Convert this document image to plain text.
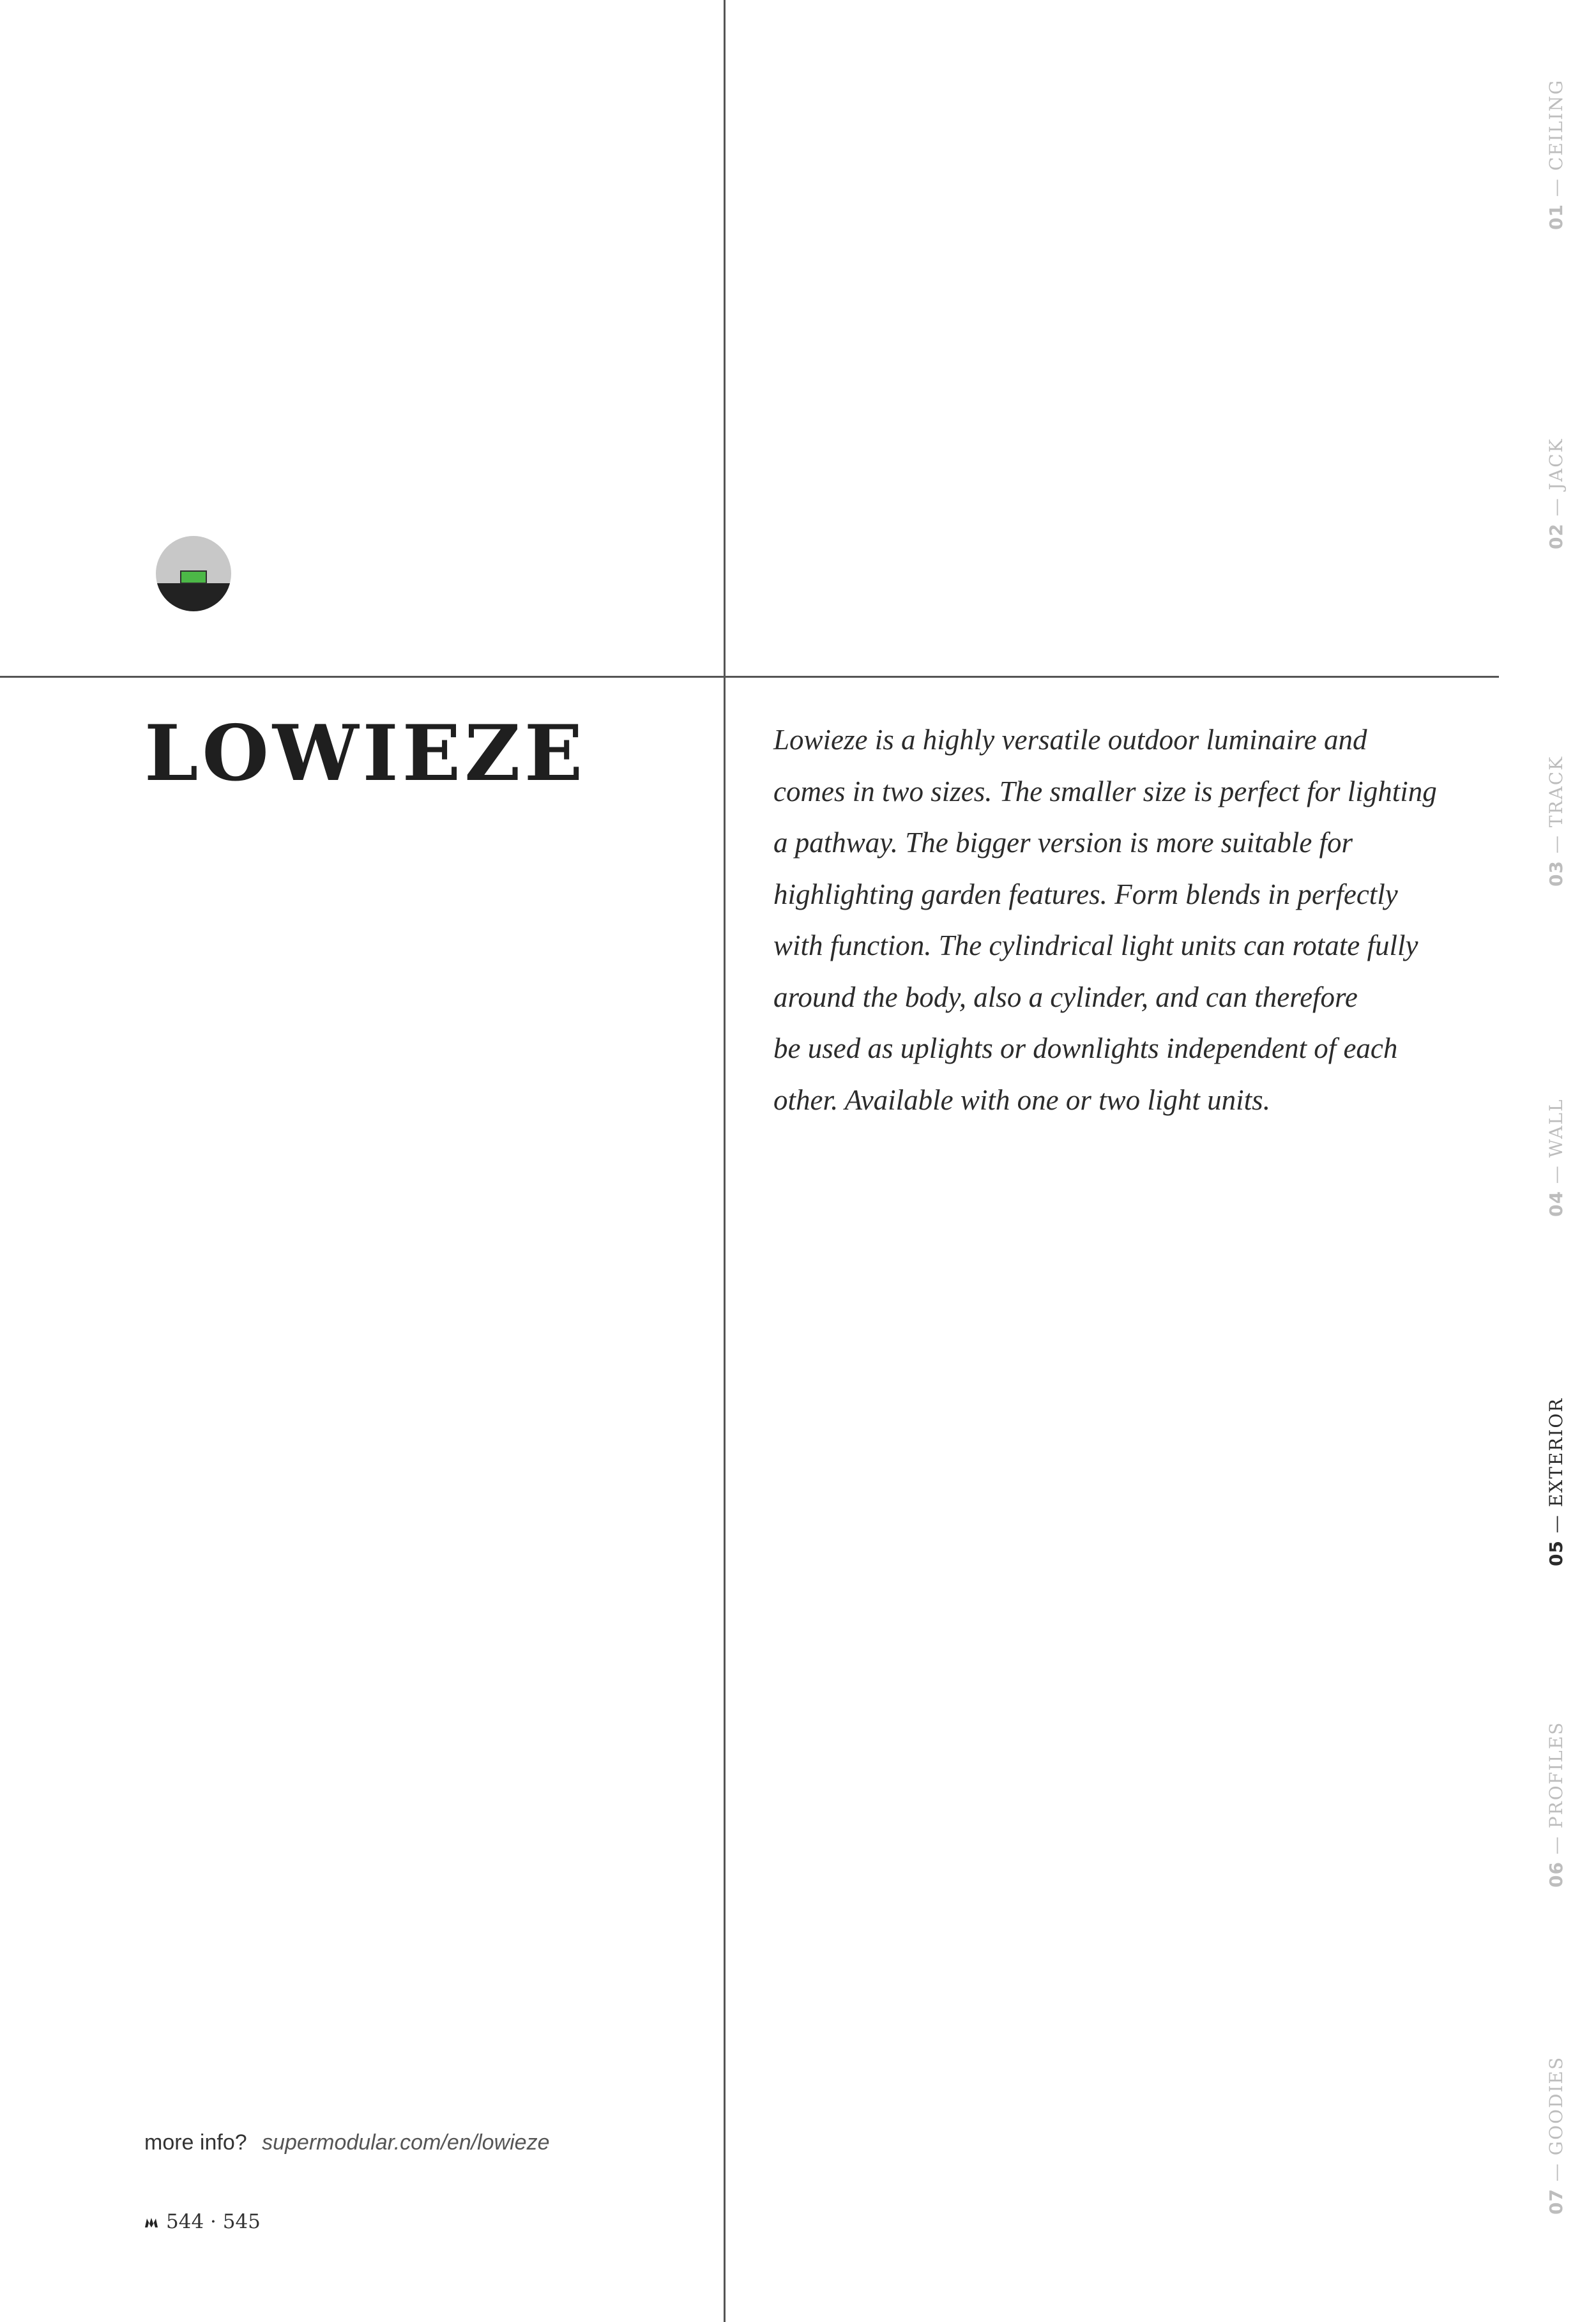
LOWIEZE	Lowieze is a highly versatile outdoor luminaire and
comes in two sizes. The smaller size is perfect for lighting
a pathway. The bigger version is more suitable for
highlighting garden features. Form blends in perfectly
with function. The cylindrical light units can rotate fully
around the body, also a cylinder, and can therefore
be used as uplights or downlights independent of each
other. Available with one or two light units.
more info? supermodular.com/en/lowieze
544 · 545
01 — CEILING
02 — JACK
03 — TRACK
04 — WALL
05 — EXTERIOR
06 — PROFILES
07 — GOODIES
